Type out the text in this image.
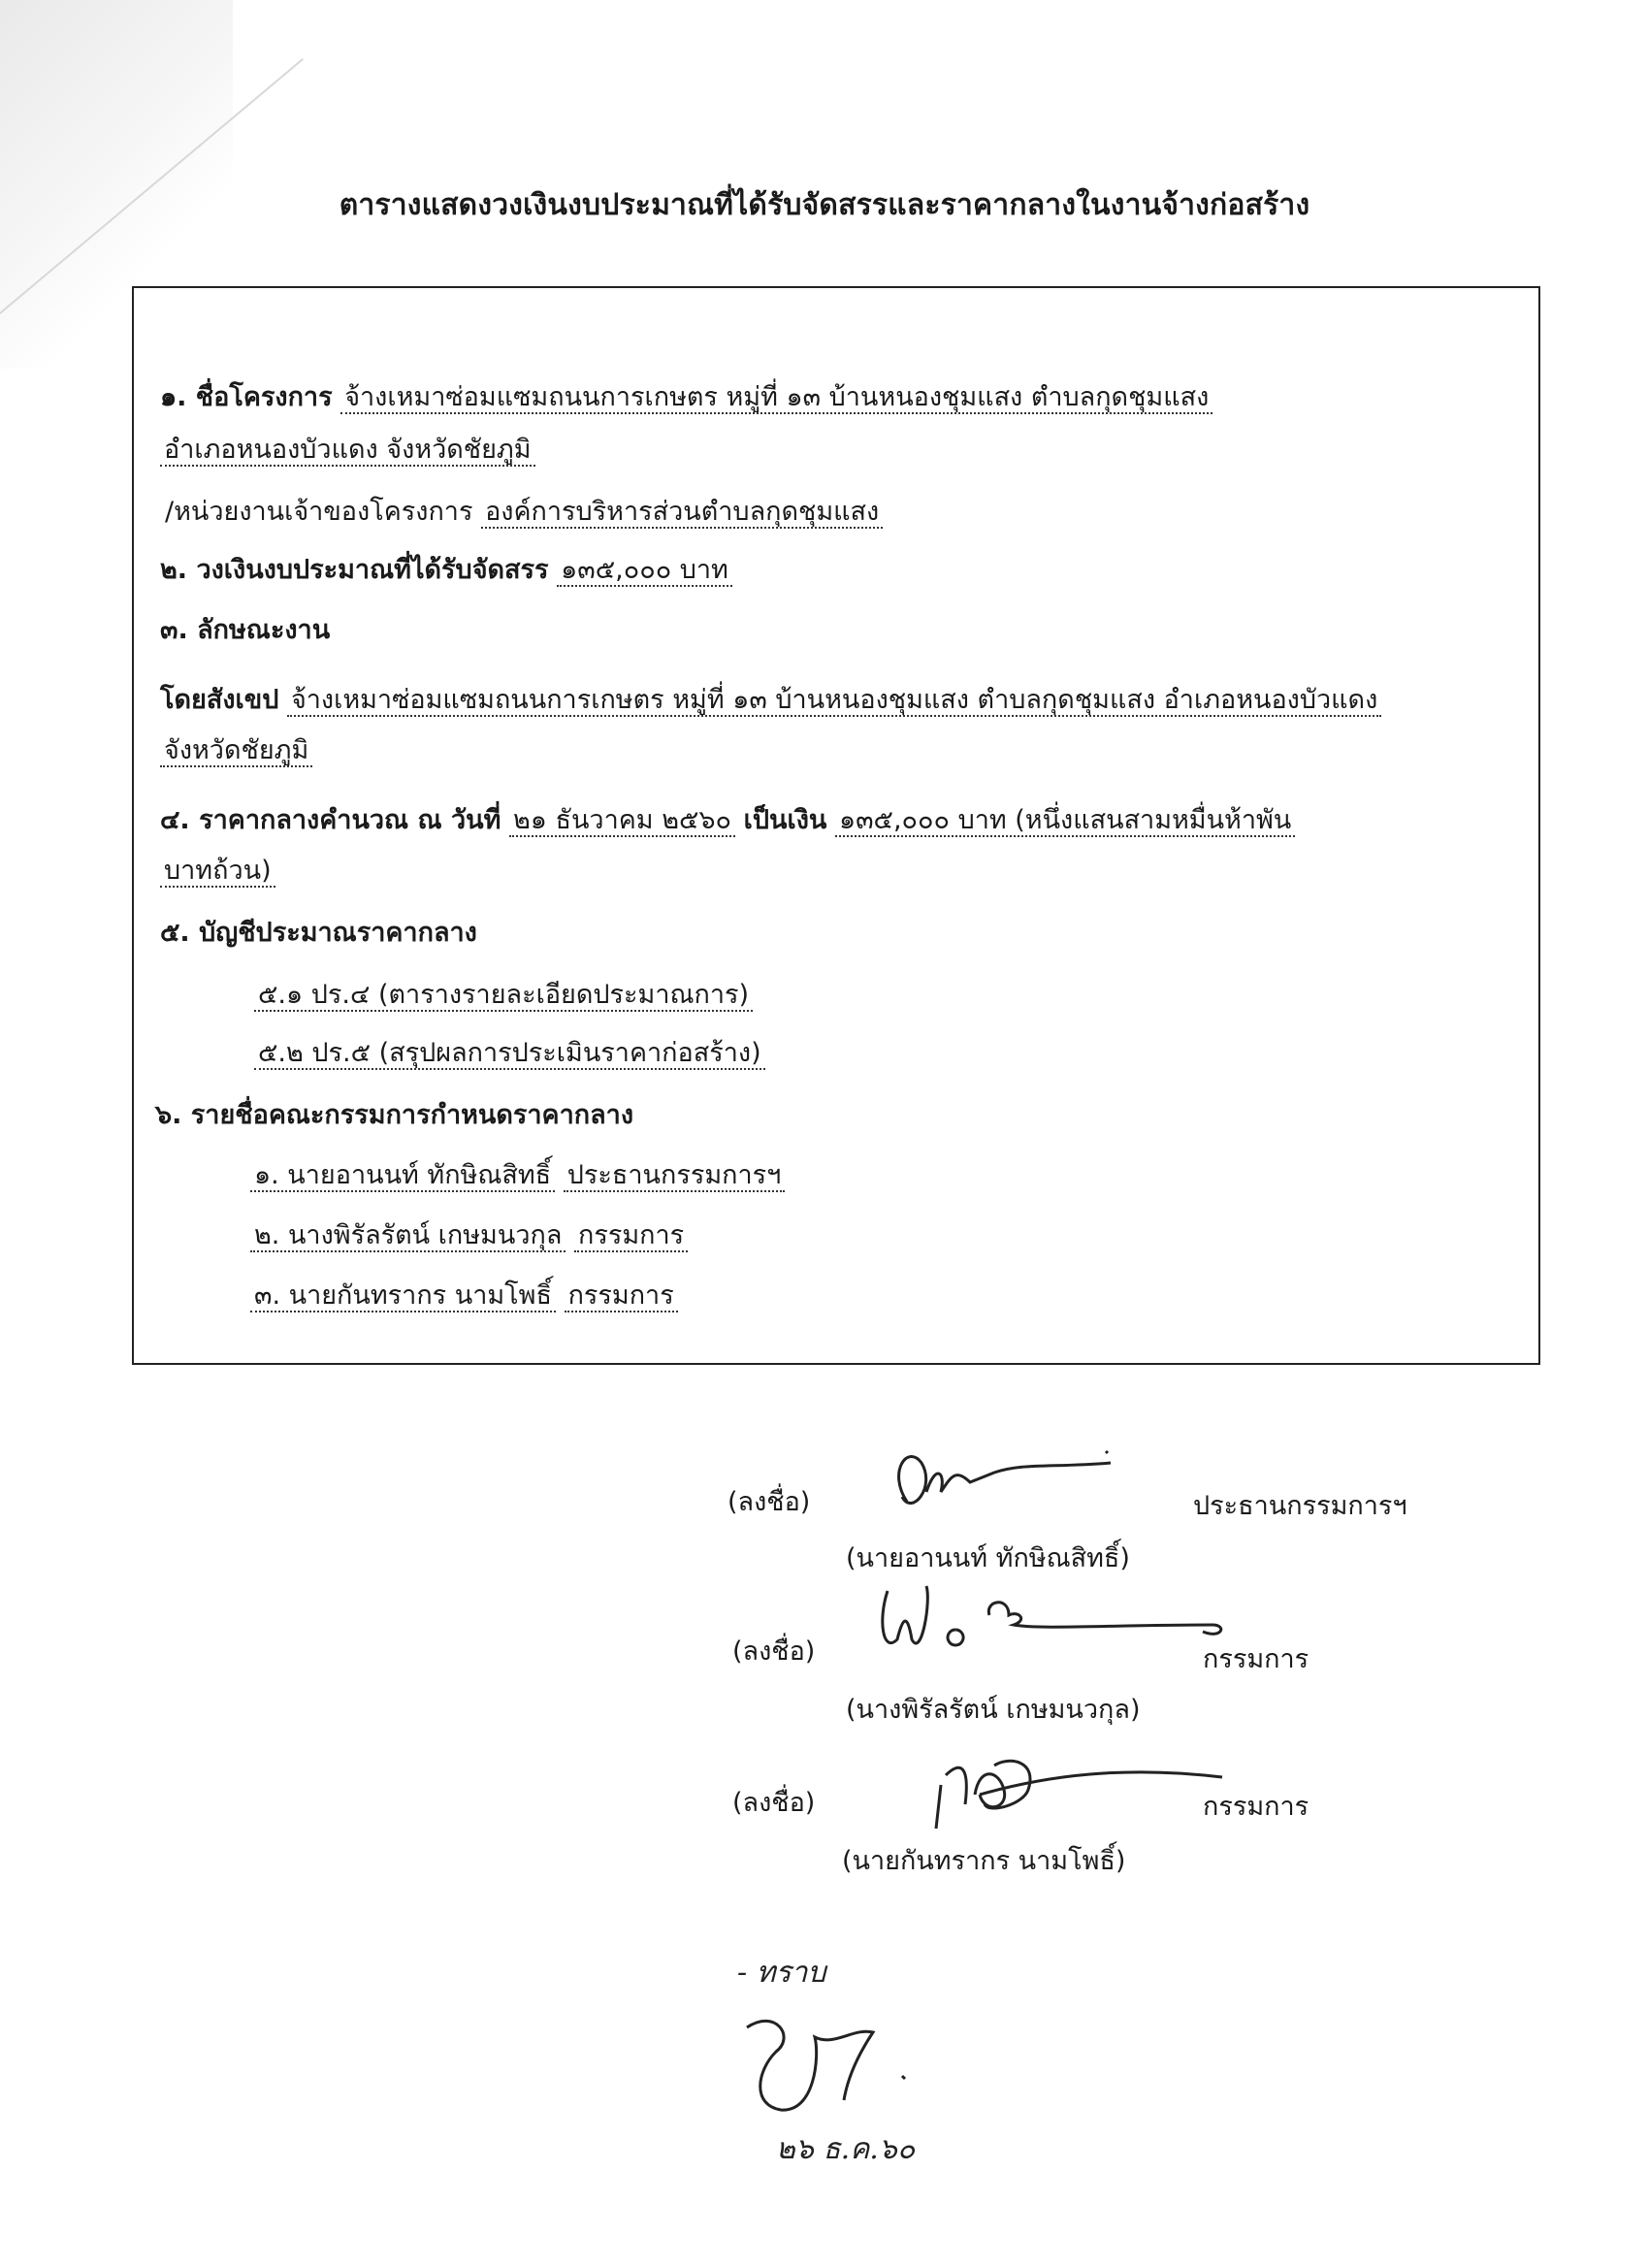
ตารางแสดงวงเงินงบประมาณที่ได้รับจัดสรรและราคากลางในงานจ้างก่อสร้าง
๑. ชื่อโครงการ จ้างเหมาซ่อมแซมถนนการเกษตร หมู่ที่ ๑๓ บ้านหนองชุมแสง ตำบลกุดชุมแสง
อำเภอหนองบัวแดง จังหวัดชัยภูมิ
/หน่วยงานเจ้าของโครงการ องค์การบริหารส่วนตำบลกุดชุมแสง
๒. วงเงินงบประมาณที่ได้รับจัดสรร ๑๓๕,๐๐๐ บาท
๓. ลักษณะงาน
โดยสังเขป จ้างเหมาซ่อมแซมถนนการเกษตร หมู่ที่ ๑๓ บ้านหนองชุมแสง ตำบลกุดชุมแสง อำเภอหนองบัวแดง
จังหวัดชัยภูมิ
๔. ราคากลางคำนวณ ณ วันที่ ๒๑ ธันวาคม ๒๕๖๐ เป็นเงิน ๑๓๕,๐๐๐ บาท (หนึ่งแสนสามหมื่นห้าพัน
บาทถ้วน)
๕. บัญชีประมาณราคากลาง
๕.๑ ปร.๔ (ตารางรายละเอียดประมาณการ)
๕.๒ ปร.๕ (สรุปผลการประเมินราคาก่อสร้าง)
๖. รายชื่อคณะกรรมการกำหนดราคากลาง
๑. นายอานนท์ ทักษิณสิทธิ์ ประธานกรรมการฯ
๒. นางพิรัลรัตน์ เกษมนวกุล กรรมการ
๓. นายกันทรากร นามโพธิ์ กรรมการ
(ลงชื่อ)	ประธานกรรมการฯ
(นายอานนท์ ทักษิณสิทธิ์)
(ลงชื่อ)	กรรมการ
(นางพิรัลรัตน์ เกษมนวกุล)
(ลงชื่อ)	กรรมการ
(นายกันทรากร นามโพธิ์)
- ทราบ
๒๖ ธ.ค.๖๐
